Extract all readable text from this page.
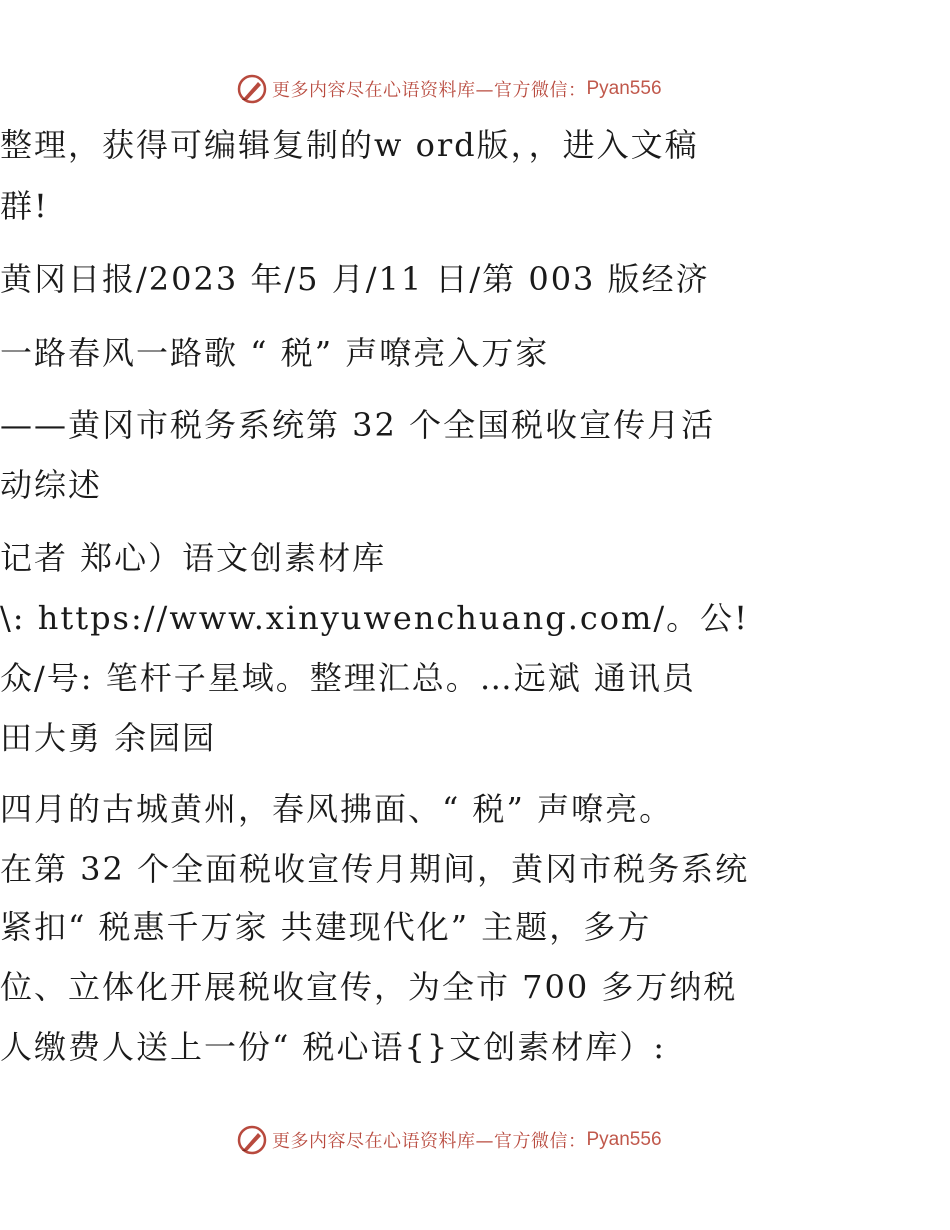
更多内容尽在心语资料库—官方微信： Pyan556
整理，获得可编辑复制的w ord版，，进入文稿
群!
黄冈日报/2023 年/5 月/11 日/第 003 版经济
一路春风一路歌 “ 税” 声嘹亮入万家
——黄冈市税务系统第 32 个全国税收宣传月活
动综述
记者 郑心）语文创素材库
\: https://www.xinyuwenchuang.com/。公!
众/号: 笔杆子星域。整理汇总。…远斌 通讯员
田大勇 余园园
四月的古城黄州，春风拂面、“ 税” 声嘹亮。
在第 32 个全面税收宣传月期间，黄冈市税务系统
紧扣“ 税惠千万家 共建现代化” 主题，多方
位、立体化开展税收宣传，为全市 700 多万纳税
人缴费人送上一份“ 税心语{}文创素材库）:
更多内容尽在心语资料库—官方微信： Pyan556
